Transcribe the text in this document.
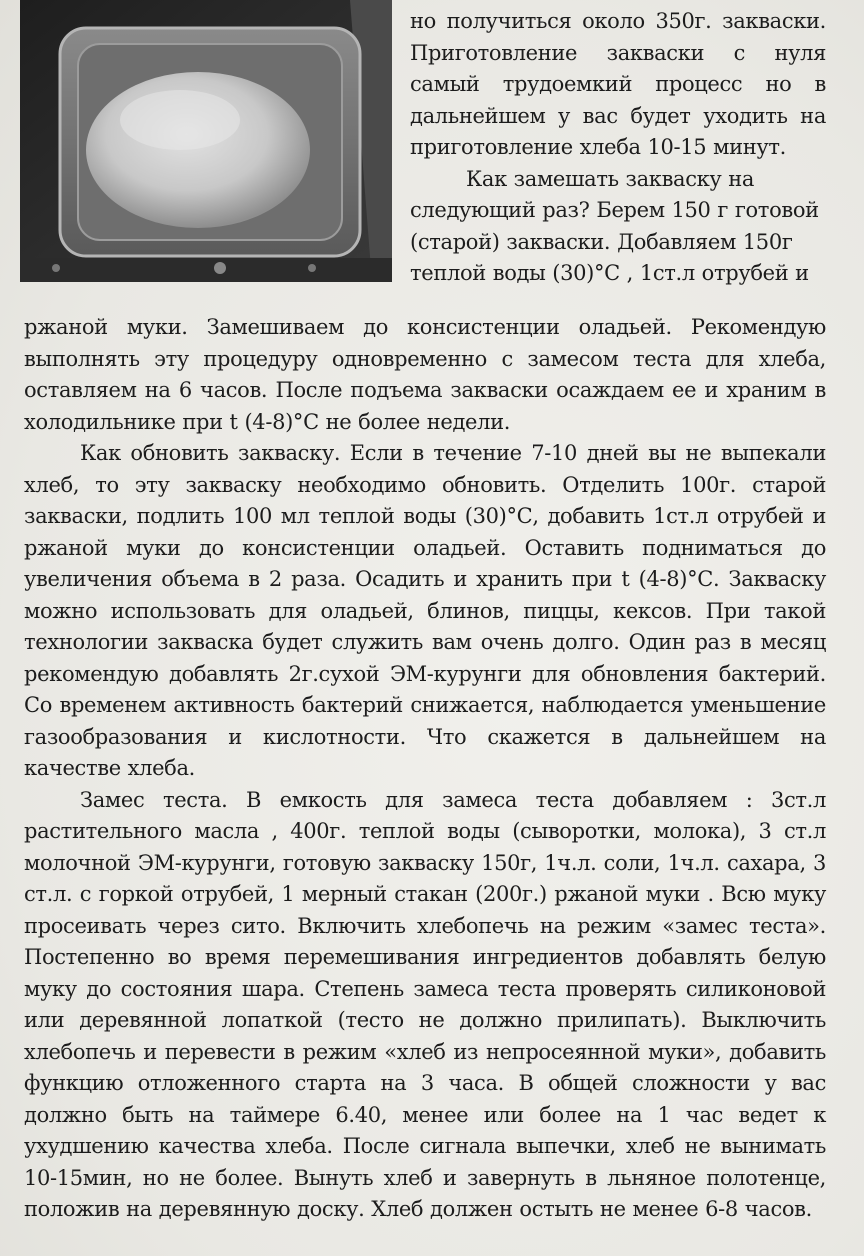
но получиться около 350г. закваски. Приготовление закваски с нуля самый трудоемкий процесс но в дальнейшем у вас будет уходить на приготовление хлеба 10-15 минут.

Как замешать закваску на следующий раз? Берем 150 г готовой (старой) закваски. Добавляем 150г теплой воды (30)°С , 1ст.л отрубей и

ржаной муки. Замешиваем до консистенции оладьей. Рекомендую выполнять эту процедуру одновременно с замесом теста для хлеба, оставляем на 6 часов. После подъема закваски осаждаем ее и храним в холодильнике при t (4-8)°С не более недели.

Как обновить закваску. Если в течение 7-10 дней вы не выпекали хлеб, то эту закваску необходимо обновить. Отделить 100г. старой закваски, подлить 100 мл теплой воды (30)°С, добавить 1ст.л отрубей и ржаной муки до консистенции оладьей. Оставить подниматься до увеличения объема в 2 раза. Осадить и хранить при t (4-8)°С. Закваску можно использовать для оладьей, блинов, пиццы, кексов. При такой технологии закваска будет служить вам очень долго. Один раз в месяц рекомендую добавлять 2г.сухой ЭМ-курунги для обновления бактерий. Со временем активность бактерий снижается, наблюдается уменьшение газообразования и кислотности. Что скажется в дальнейшем на качестве хлеба.

Замес теста. В емкость для замеса теста добавляем : 3ст.л растительного масла , 400г. теплой воды (сыворотки, молока), 3 ст.л молочной ЭМ-курунги, готовую закваску 150г, 1ч.л. соли, 1ч.л. сахара, 3 ст.л. с горкой отрубей, 1 мерный стакан (200г.) ржаной муки . Всю муку просеивать через сито. Включить хлебопечь на режим «замес теста». Постепенно во время перемешивания ингредиентов добавлять белую муку до состояния шара. Степень замеса теста проверять силиконовой или деревянной лопаткой (тесто не должно прилипать). Выключить хлебопечь и перевести в режим «хлеб из непросеянной муки», добавить функцию отложенного старта на 3 часа. В общей сложности у вас должно быть на таймере 6.40, менее или более на 1 час ведет к ухудшению качества хлеба. После сигнала выпечки, хлеб не вынимать 10-15мин, но не более. Вынуть хлеб и завернуть в льняное полотенце, положив на деревянную доску. Хлеб должен остыть не менее 6-8 часов.
